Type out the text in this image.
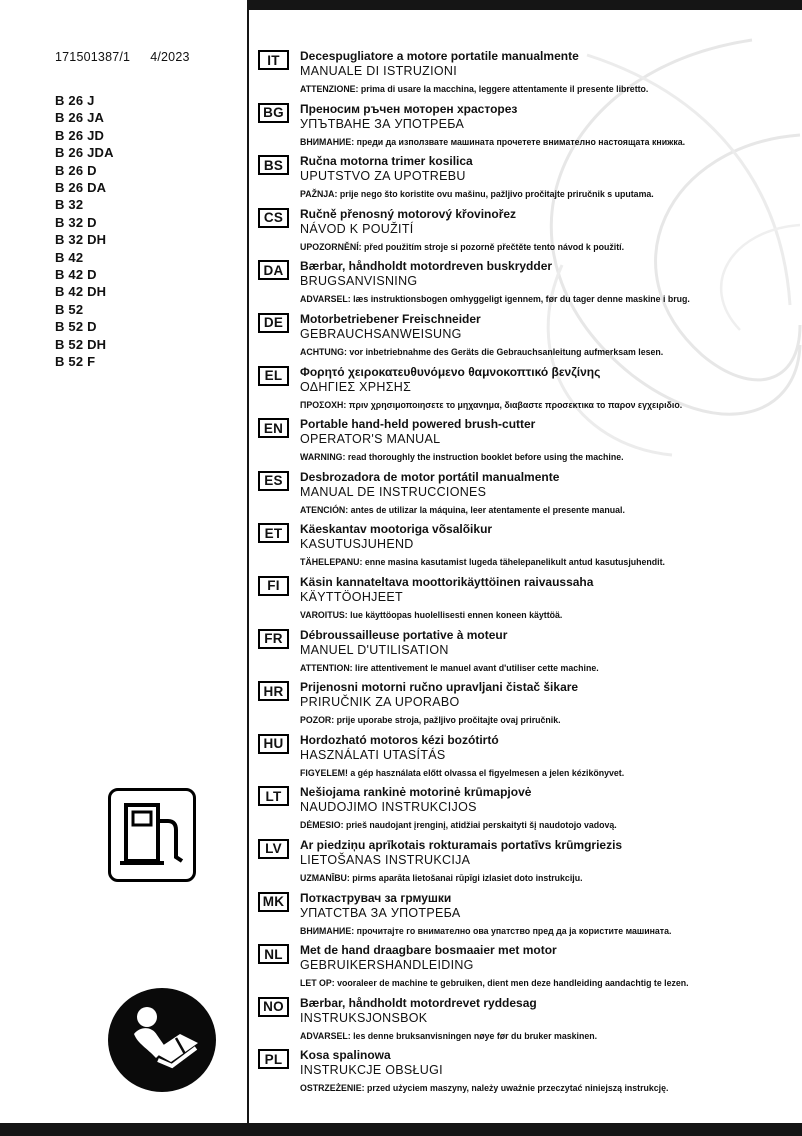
171501387/1 4/2023
B 26 J
B 26 JA
B 26 JD
B 26 JDA
B 26 D
B 26 DA
B 32
B 32 D
B 32 DH
B 42
B 42 D
B 42 DH
B 52
B 52 D
B 52 DH
B 52 F
IT Decespugliatore a motore portatile manualmente
MANUALE DI ISTRUZIONI
ATTENZIONE: prima di usare la macchina, leggere attentamente il presente libretto.
BG Преносим ръчен моторен храсторез
УПЪТВАНЕ ЗА УПОТРЕБА
ВНИМАНИЕ: преди да използвате машината прочетете внимателно настоящата книжка.
BS Ručna motorna trimer kosilica
UPUTSTVO ZA UPOTREBU
PAŽNJA: prije nego što koristite ovu mašinu, pažljivo pročitajte priručnik s uputama.
CS Ručně přenosný motorový křovinořez
NÁVOD K POUŽITÍ
UPOZORNĚNÍ: před použitím stroje si pozorně přečtěte tento návod k použití.
DA Bærbar, håndholdt motordreven buskrydder
BRUGSANVISNING
ADVARSEL: læs instruktionsbogen omhyggeligt igennem, før du tager denne maskine i brug.
DE Motorbetriebener Freischneider
GEBRAUCHSANWEISUNG
ACHTUNG: vor inbetriebnahme des Geräts die Gebrauchsanleitung aufmerksam lesen.
EL Φορητό χειροκατευθυνόμενο θαμνοκοπτικό βενζίνης
ΟΔΗΓΙΕΣ ΧΡΗΣΗΣ
ΠΡΟΣΟΧΗ: πριν χρησιμοποιησετε το μηχανημα, διαβαστε προσεκτικα το παρον εγχειριδιο.
EN Portable hand-held powered brush-cutter
OPERATOR'S MANUAL
WARNING: read thoroughly the instruction booklet before using the machine.
ES Desbrozadora de motor portátil manualmente
MANUAL DE INSTRUCCIONES
ATENCIÓN: antes de utilizar la máquina, leer atentamente el presente manual.
ET Käeskantav mootoriga võsalõikur
KASUTUSJUHEND
TÄHELEPANU: enne masina kasutamist lugeda tähelepanelikult antud kasutusjuhendit.
FI Käsin kannateltava moottorikäyttöinen raivaussaha
KÄYTTÖOHJEET
VAROITUS: lue käyttöopas huolellisesti ennen koneen käyttöä.
FR Débroussailleuse portative à moteur
MANUEL D'UTILISATION
ATTENTION: lire attentivement le manuel avant d'utiliser cette machine.
HR Prijenosni motorni ručno upravljani čistač šikare
PRIRUČNIK ZA UPORABO
POZOR: prije uporabe stroja, pažljivo pročitajte ovaj priručnik.
HU Hordozható motoros kézi bozótirtó
HASZNÁLATI UTASÍTÁS
FIGYELEM! a gép használata előtt olvassa el figyelmesen a jelen kézikönyvet.
LT Nešiojama rankinė motorinė krūmapjovė
NAUDOJIMO INSTRUKCIJOS
DĖMESIO: prieš naudojant įrenginį, atidžiai perskaityti šį naudotojo vadovą.
LV Ar piedziņu aprīkotais rokturamais portatīvs krūmgriezis
LIETOŠANAS INSTRUKCIJA
UZMANĪBU: pirms aparāta lietošanai rūpīgi izlasiet doto instrukciju.
MK Поткаструвач за грмушки
УПАТСТВА ЗА УПОТРЕБА
ВНИМАНИЕ: прочитајте го внимателно ова упатство пред да ја користите машината.
NL Met de hand draagbare bosmaaier met motor
GEBRUIKERSHANDLEIDING
LET OP: vooraleer de machine te gebruiken, dient men deze handleiding aandachtig te lezen.
NO Bærbar, håndholdt motordrevet ryddesag
INSTRUKSJONSBOK
ADVARSEL: les denne bruksanvisningen nøye før du bruker maskinen.
PL Kosa spalinowa
INSTRUKCJE OBSŁUGI
OSTRZEŻENIE: przed użyciem maszyny, należy uważnie przeczytać niniejszą instrukcję.
